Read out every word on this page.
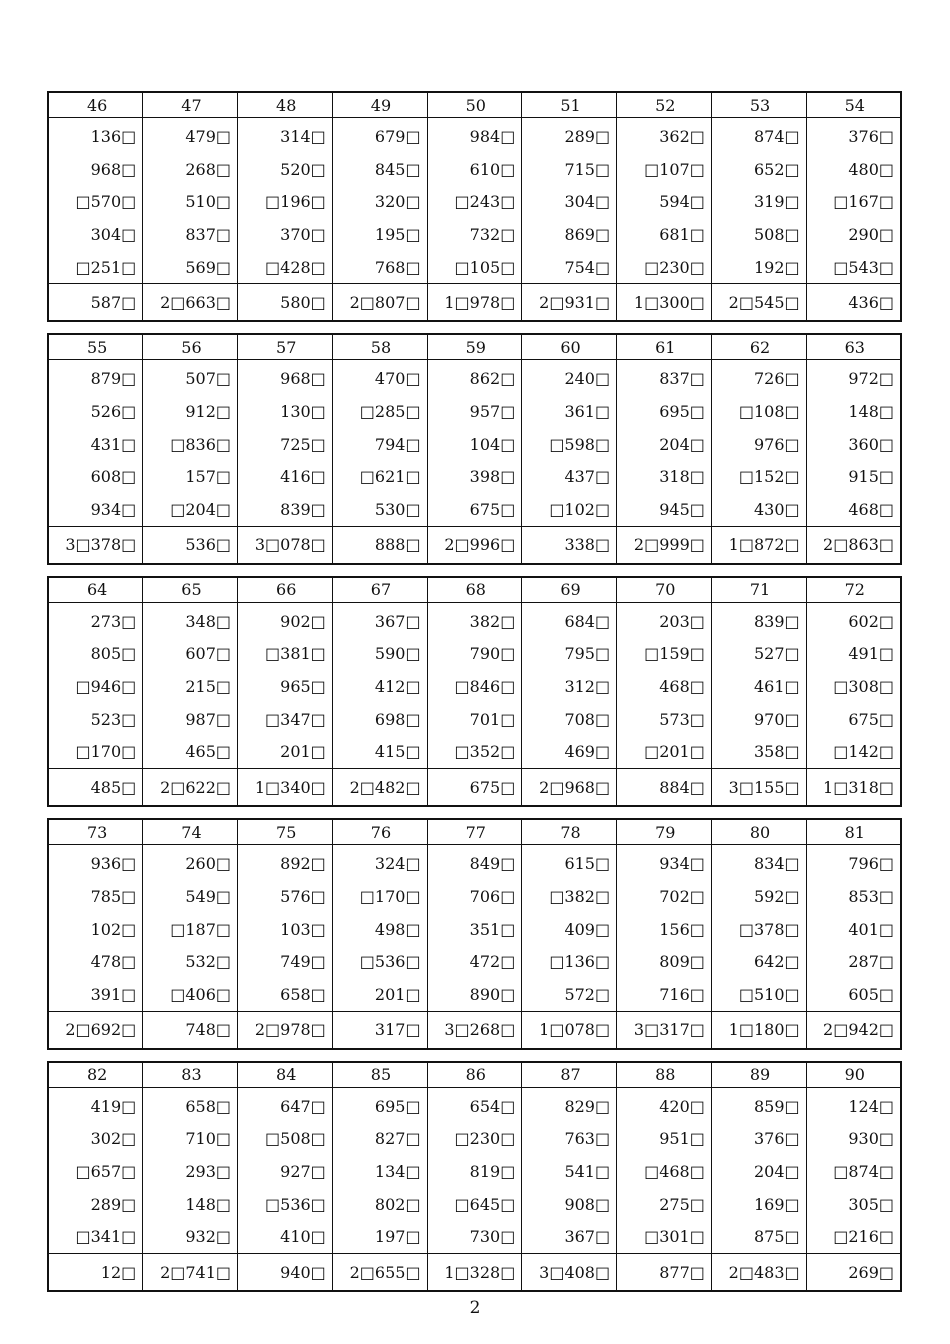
46	47	48	49	50	51	52	53	54
136□	479□	314□	679□	984□	289□	362□	874□	376□
968□	268□	520□	845□	610□	715□	□107□	652□	480□
□570□	510□	□196□	320□	□243□	304□	594□	319□	□167□
304□	837□	370□	195□	732□	869□	681□	508□	290□
□251□	569□	□428□	768□	□105□	754□	□230□	192□	□543□
587□	2□663□	580□	2□807□	1□978□	2□931□	1□300□	2□545□	436□
55	56	57	58	59	60	61	62	63
879□	507□	968□	470□	862□	240□	837□	726□	972□
526□	912□	130□	□285□	957□	361□	695□	□108□	148□
431□	□836□	725□	794□	104□	□598□	204□	976□	360□
608□	157□	416□	□621□	398□	437□	318□	□152□	915□
934□	□204□	839□	530□	675□	□102□	945□	430□	468□
3□378□	536□	3□078□	888□	2□996□	338□	2□999□	1□872□	2□863□
64	65	66	67	68	69	70	71	72
273□	348□	902□	367□	382□	684□	203□	839□	602□
805□	607□	□381□	590□	790□	795□	□159□	527□	491□
□946□	215□	965□	412□	□846□	312□	468□	461□	□308□
523□	987□	□347□	698□	701□	708□	573□	970□	675□
□170□	465□	201□	415□	□352□	469□	□201□	358□	□142□
485□	2□622□	1□340□	2□482□	675□	2□968□	884□	3□155□	1□318□
73	74	75	76	77	78	79	80	81
936□	260□	892□	324□	849□	615□	934□	834□	796□
785□	549□	576□	□170□	706□	□382□	702□	592□	853□
102□	□187□	103□	498□	351□	409□	156□	□378□	401□
478□	532□	749□	□536□	472□	□136□	809□	642□	287□
391□	□406□	658□	201□	890□	572□	716□	□510□	605□
2□692□	748□	2□978□	317□	3□268□	1□078□	3□317□	1□180□	2□942□
82	83	84	85	86	87	88	89	90
419□	658□	647□	695□	654□	829□	420□	859□	124□
302□	710□	□508□	827□	□230□	763□	951□	376□	930□
□657□	293□	927□	134□	819□	541□	□468□	204□	□874□
289□	148□	□536□	802□	□645□	908□	275□	169□	305□
□341□	932□	410□	197□	730□	367□	□301□	875□	□216□
12□	2□741□	940□	2□655□	1□328□	3□408□	877□	2□483□	269□
2
